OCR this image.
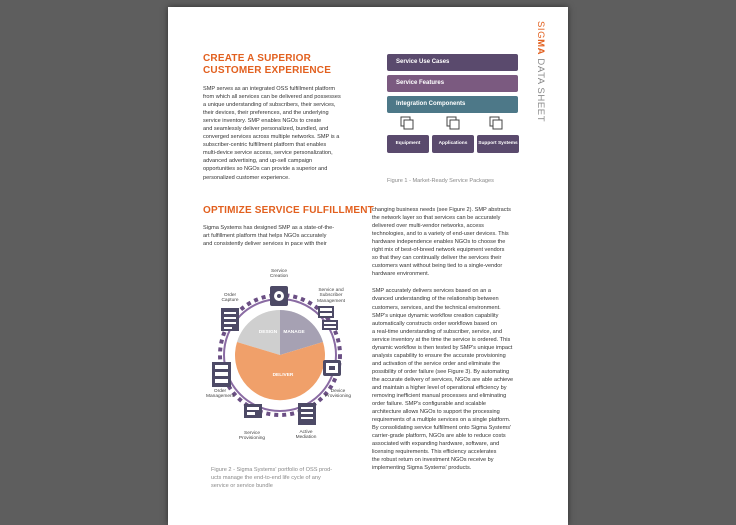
SIGMA DATA SHEET
CREATE A SUPERIOR
CUSTOMER EXPERIENCE
SMP serves as an integrated OSS fulfillment platform
from which all services can be delivered and possesses
a unique understanding of subscribers, their services,
their devices, their preferences, and the underlying
service inventory. SMP enables NGOs to create
and seamlessly deliver personalized, bundled, and
converged services across multiple networks. SMP is a
subscriber-centric fulfillment platform that enables
multi-device service access, service personalization,
advanced advertising, and up-sell campaign
opportunities so NGOs can provide a superior and
personalized customer experience.
Service Use Cases
Service Features
Integration Components
Equipment	Applications	Support Systems
Figure 1 - Market-Ready Service Packages
OPTIMIZE SERVICE FULFILLMENT
Sigma Systems has designed SMP as a state-of-the-
art fulfillment platform that helps NGOs accurately
and consistently deliver services in pace with their
DESIGN	MANAGE
DELIVER
Service Creation
Service and Subscriber Management
Order Capture
Device Provisioning
Order Management
Active Mediation
Service Provisioning
Figure 2 - Sigma Systems' portfolio of OSS prod-
ucts manage the end-to-end life cycle of any
service or service bundle

changing business needs (see Figure 2). SMP abstracts
the network layer so that services can be accurately
delivered over multi-vendor networks, access
technologies, and to a variety of end-user devices. This
hardware independence enables NGOs to choose the
right mix of best-of-breed network equipment vendors
so that they can continually deliver the services their
customers want without being tied to a single-vendor
hardware environment.

SMP accurately delivers services based on an a
dvanced understanding of the relationship between
customers, services, and the technical environment.
SMP's unique dynamic workflow creation capability
automatically constructs order workflows based on
a real-time understanding of subscriber, service, and
service inventory at the time the service is ordered. This
dynamic workflow is then tested by SMP's unique impact
analysis capability to ensure the accurate provisioning
and activation of the service order and eliminate the
possibility of order failure (see Figure 3). By automating
the accurate delivery of services, NGOs are able achieve
and maintain a higher level of operational efficiency by
removing inefficient manual processes and eliminating
order failure. SMP's configurable and scalable
architecture allows NGOs to support the processing
requirements of a multiple services on a single platform.
By consolidating service fulfillment onto Sigma Systems'
carrier-grade platform, NGOs are able to reduce costs
associated with expanding hardware, software, and
licensing requirements. This efficiency accelerates
the robust return on investment NGOs receive by
implementing Sigma Systems' products.
